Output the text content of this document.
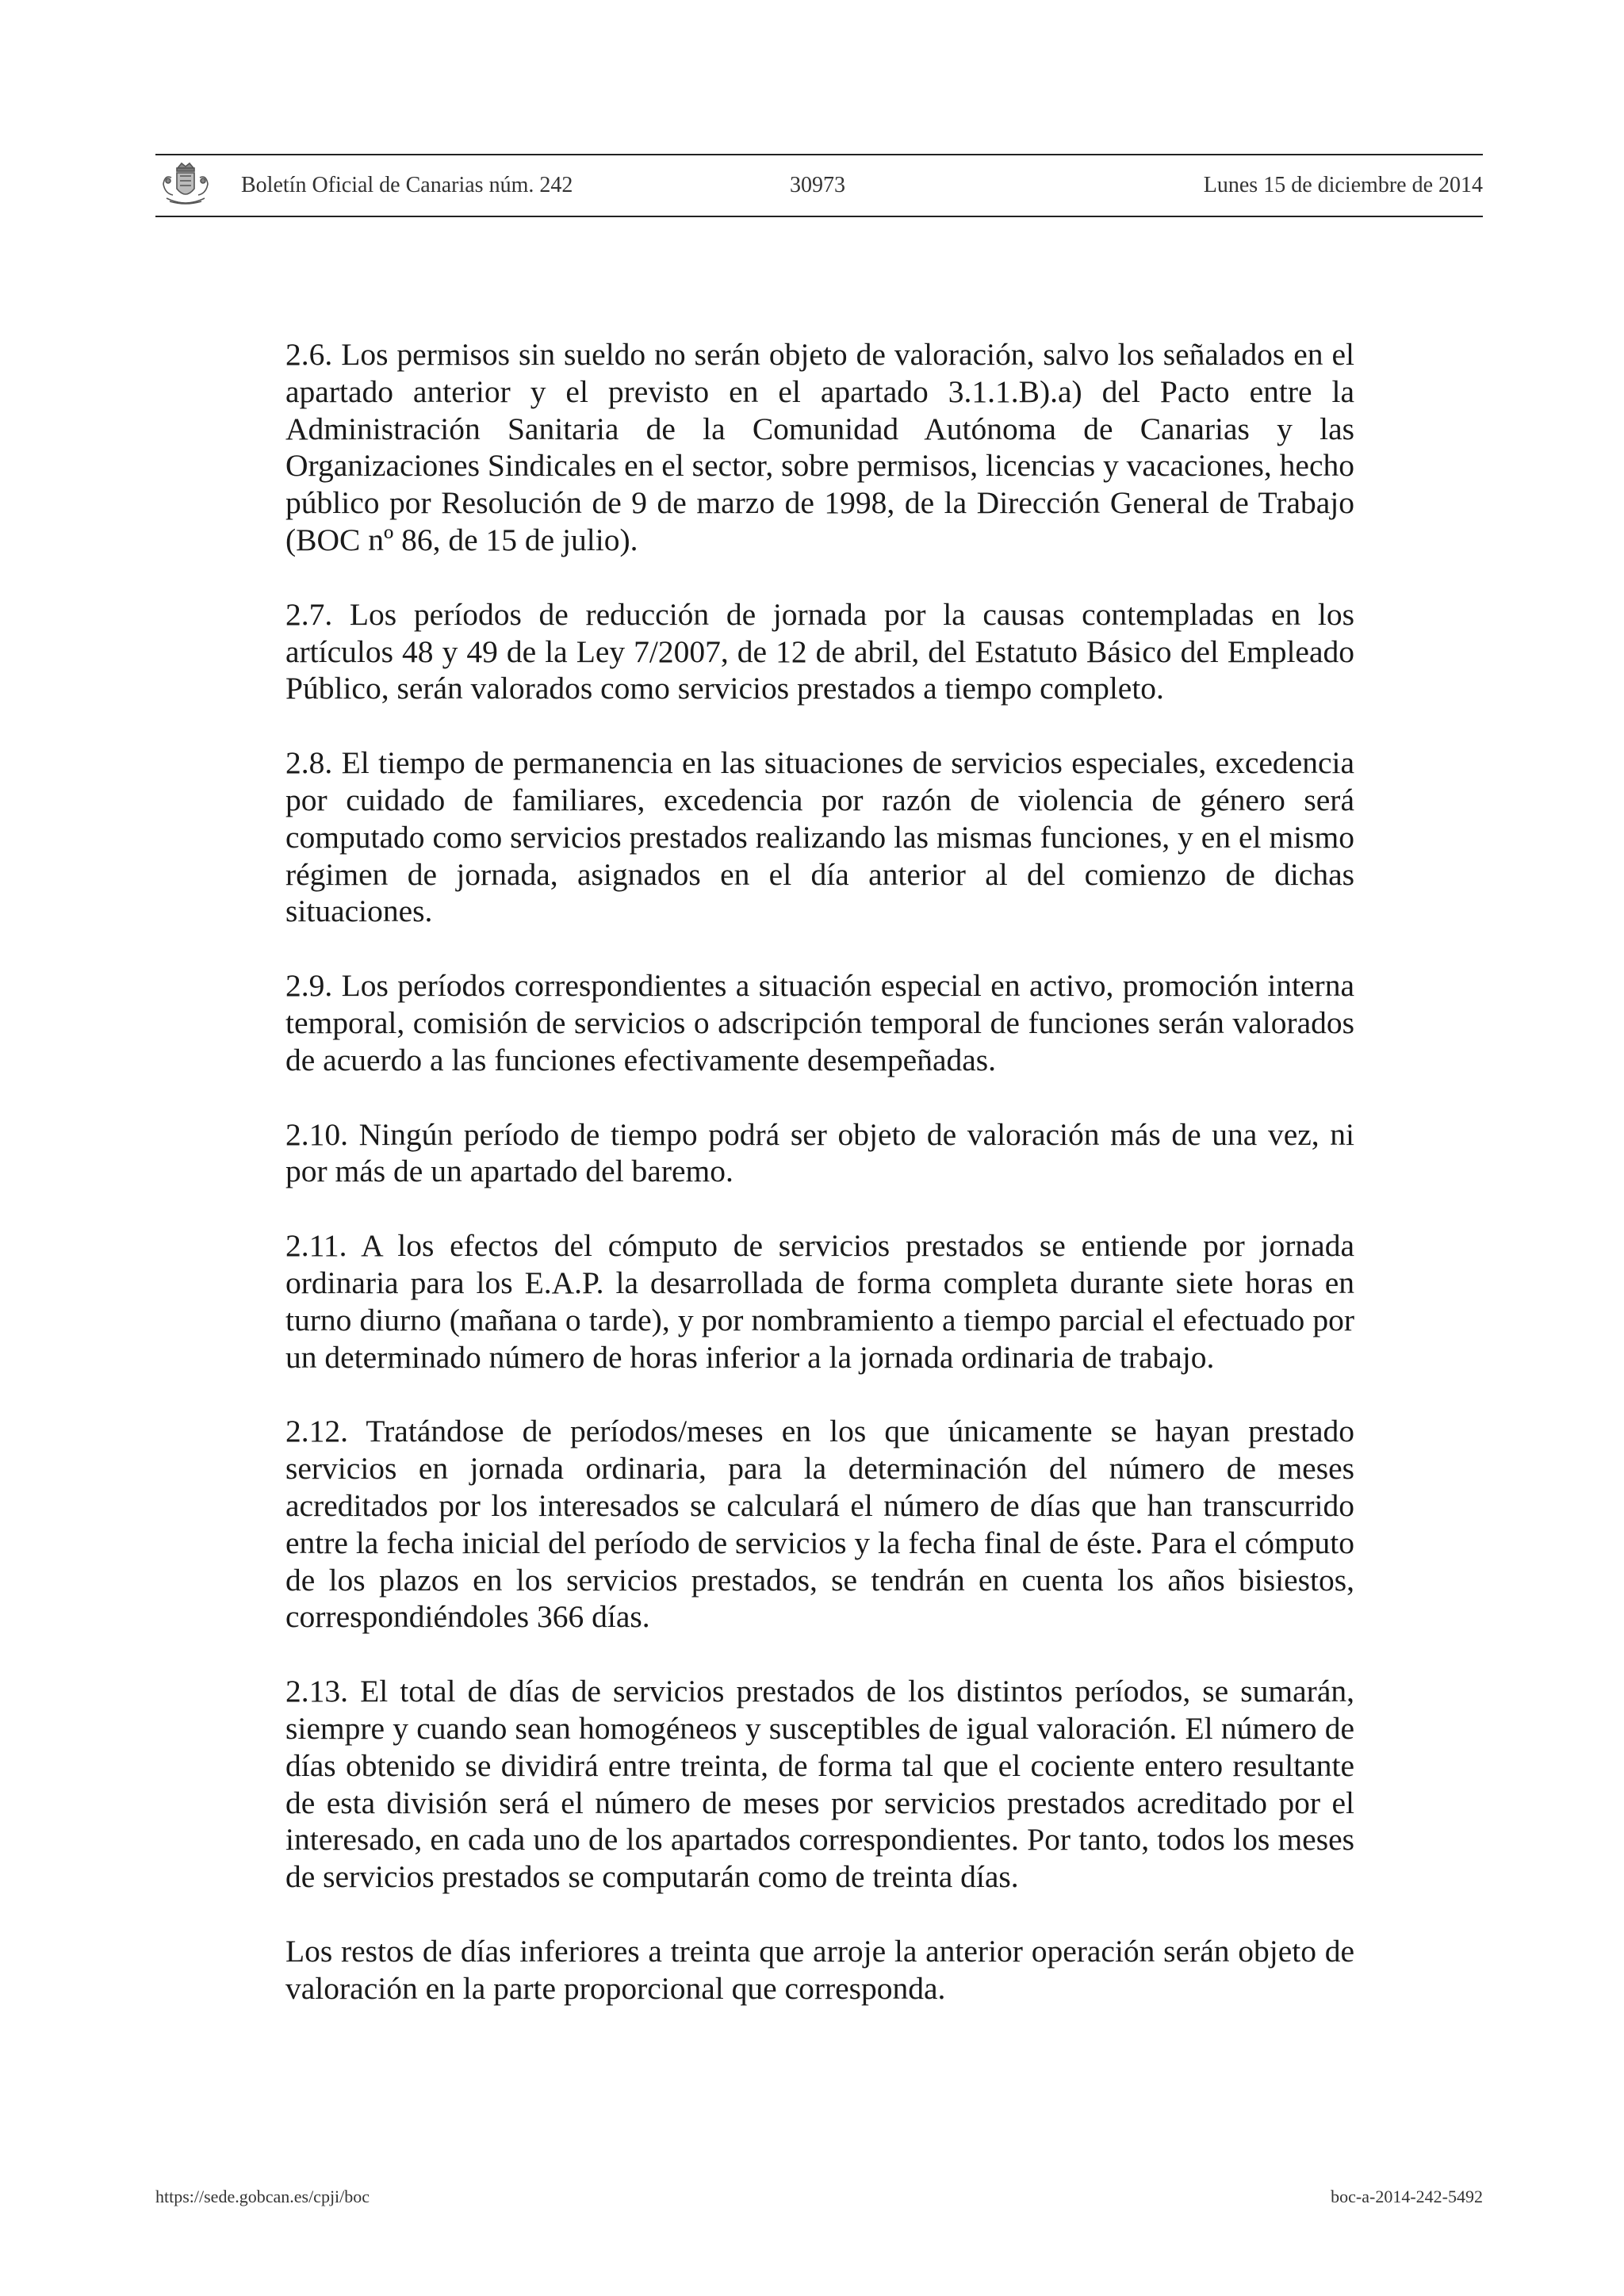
Boletín Oficial de Canarias núm. 242	30973	Lunes 15 de diciembre de 2014

2.6. Los permisos sin sueldo no serán objeto de valoración, salvo los señalados en el apartado anterior y el previsto en el apartado 3.1.1.B).a) del Pacto entre la Administración Sanitaria de la Comunidad Autónoma de Canarias y las Organizaciones Sindicales en el sector, sobre permisos, licencias y vacaciones, hecho público por Resolución de 9 de marzo de 1998, de la Dirección General de Trabajo (BOC nº 86, de 15 de julio).

2.7. Los períodos de reducción de jornada por la causas contempladas en los artículos 48 y 49 de la Ley 7/2007, de 12 de abril, del Estatuto Básico del Empleado Público, serán valorados como servicios prestados a tiempo completo.

2.8. El tiempo de permanencia en las situaciones de servicios especiales, excedencia por cuidado de familiares, excedencia por razón de violencia de género será computado como servicios prestados realizando las mismas funciones, y en el mismo régimen de jornada, asignados en el día anterior al del comienzo de dichas situaciones.

2.9. Los períodos correspondientes a situación especial en activo, promoción interna temporal, comisión de servicios o adscripción temporal de funciones serán valorados de acuerdo a las funciones efectivamente desempeñadas.

2.10. Ningún período de tiempo podrá ser objeto de valoración más de una vez, ni por más de un apartado del baremo.

2.11. A los efectos del cómputo de servicios prestados se entiende por jornada ordinaria para los E.A.P. la desarrollada de forma completa durante siete horas en turno diurno (mañana o tarde), y por nombramiento a tiempo parcial el efectuado por un determinado número de horas inferior a la jornada ordinaria de trabajo.

2.12. Tratándose de períodos/meses en los que únicamente se hayan prestado servicios en jornada ordinaria, para la determinación del número de meses acreditados por los interesados se calculará el número de días que han transcurrido entre la fecha inicial del período de servicios y la fecha final de éste. Para el cómputo de los plazos en los servicios prestados, se tendrán en cuenta los años bisiestos, correspondiéndoles 366 días.

2.13. El total de días de servicios prestados de los distintos períodos, se sumarán, siempre y cuando sean homogéneos y susceptibles de igual valoración. El número de días obtenido se dividirá entre treinta, de forma tal que el cociente entero resultante de esta división será el número de meses por servicios prestados acreditado por el interesado, en cada uno de los apartados correspondientes. Por tanto, todos los meses de servicios prestados se computarán como de treinta días.

Los restos de días inferiores a treinta que arroje la anterior operación serán objeto de valoración en la parte proporcional que corresponda.

https://sede.gobcan.es/cpji/boc	boc-a-2014-242-5492
